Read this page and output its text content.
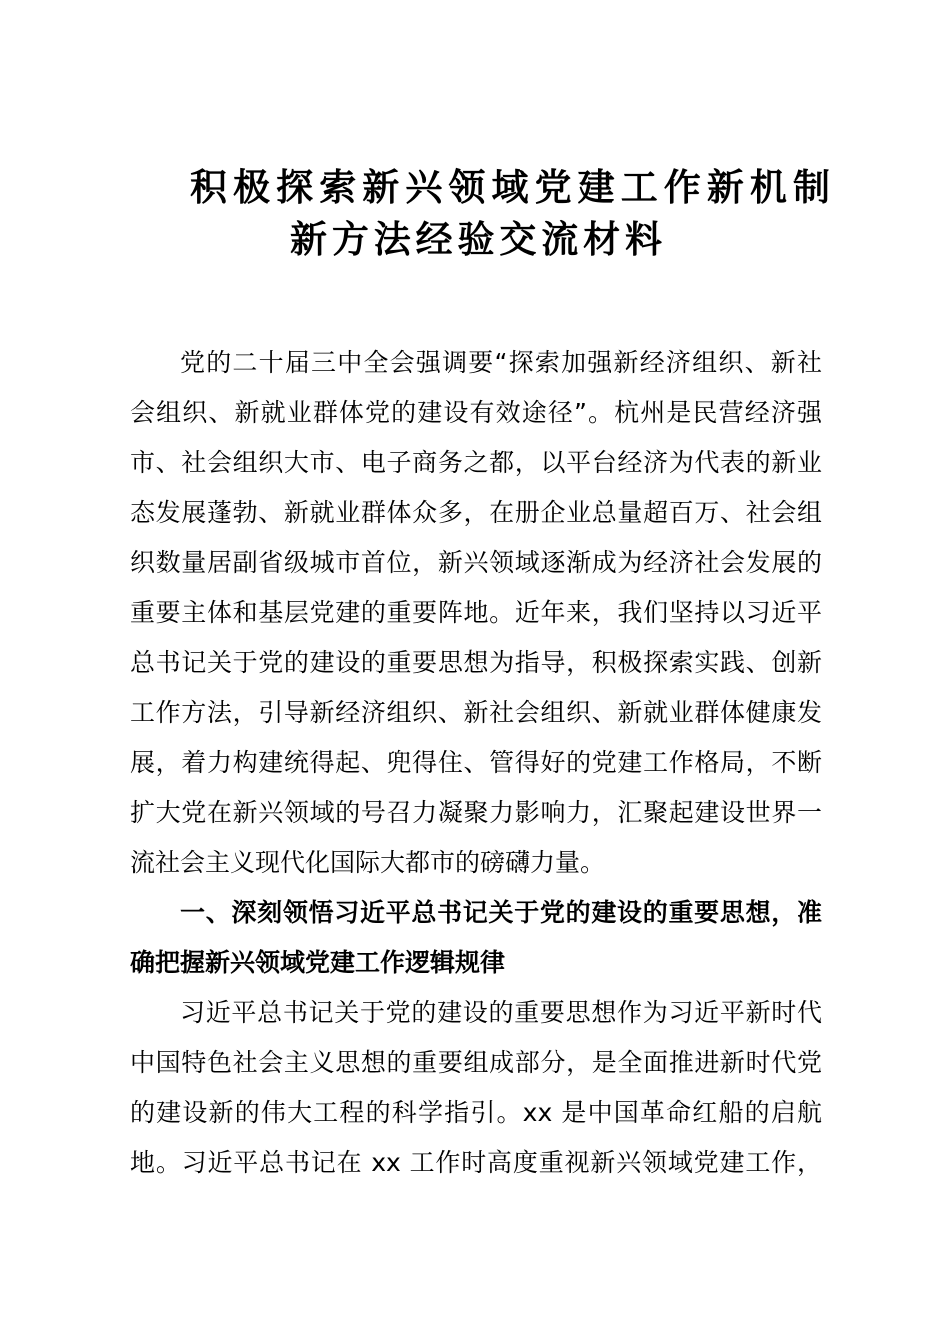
积极探索新兴领域党建工作新机制
新方法经验交流材料
党的二十届三中全会强调要“探索加强新经济组织、新社
会组织、新就业群体党的建设有效途径”。杭州是民营经济强
市、社会组织大市、电子商务之都，以平台经济为代表的新业
态发展蓬勃、新就业群体众多，在册企业总量超百万、社会组
织数量居副省级城市首位，新兴领域逐渐成为经济社会发展的
重要主体和基层党建的重要阵地。近年来，我们坚持以习近平
总书记关于党的建设的重要思想为指导，积极探索实践、创新
工作方法，引导新经济组织、新社会组织、新就业群体健康发
展，着力构建统得起、兜得住、管得好的党建工作格局，不断
扩大党在新兴领域的号召力凝聚力影响力，汇聚起建设世界一
流社会主义现代化国际大都市的磅礴力量。
一、深刻领悟习近平总书记关于党的建设的重要思想，准
确把握新兴领域党建工作逻辑规律
习近平总书记关于党的建设的重要思想作为习近平新时代
中国特色社会主义思想的重要组成部分，是全面推进新时代党
的建设新的伟大工程的科学指引。xx 是中国革命红船的启航
地。习近平总书记在 xx 工作时高度重视新兴领域党建工作，
